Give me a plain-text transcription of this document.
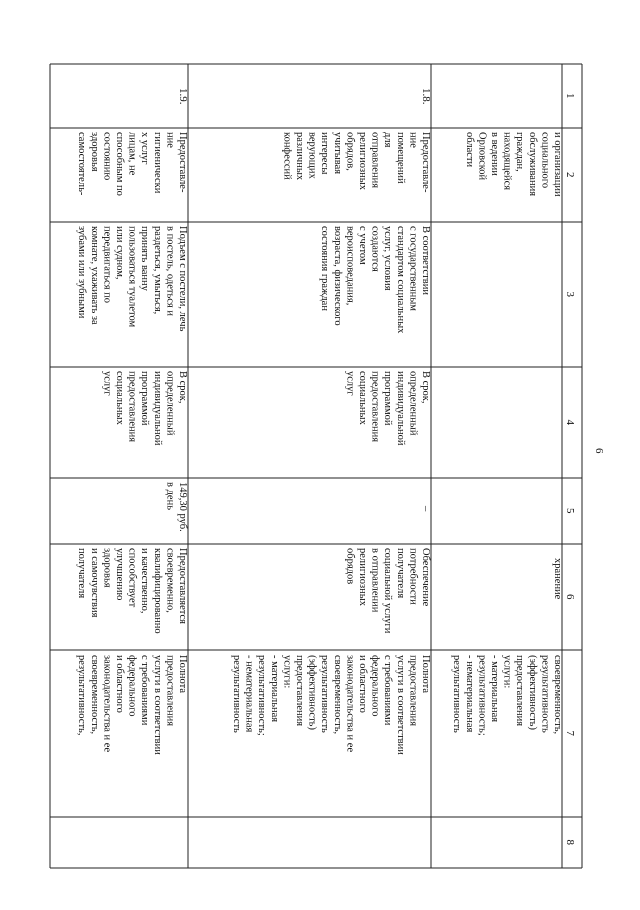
6
1
2
3
4
5
6
7
8
и организации
социального
обслуживания
граждан,
находящейся
в ведении
Орловской
области
хранение
своевременность,
результативность
(эффективность)
предоставления
услуги:
- материальная
результативность;
- нематериальная
результативность
1.8.
Предоставле-
ние
помещений
для
отправления
религиозных
обрядов,
учитывая
интересы
верующих
различных
конфессий
В соответствии
с государственным
стандартом социальных
услуг, условия
создаются
с учетом
вероисповедания,
возраста, физического
состояния граждан
В срок,
определенный
индивидуальной
программой
предоставления
социальных
услуг
–
Обеспечение
потребности
получателя
социальной услуги
в отправлении
религиозных
обрядов
Полнота
предоставления
услуги в соответствии
с требованиями
федерального
и областного
законодательства и ее
своевременность,
результативность
(эффективность)
предоставления
услуги:
- материальная
результативность;
- нематериальная
результативность
1.9.
Предоставле-
ние
гигиенически
х услуг
лицам, не
способным по
состоянию
здоровья
самостоятель-
Подъем с постели, лечь
в постель, одеться и
раздеться, умыться,
принять ванну
пользоваться туалетом
или судном,
передвигаться по
комнате, ухаживать за
зубами или зубными
В срок,
определенный
индивидуальной
программой
предоставления
социальных
услуг
149,30 руб.
в день
Предоставляется
своевременно,
квалифицированно
и качественно,
способствует
улучшению
здоровья
и самочувствия
получателя
Полнота
предоставления
услуги в соответствии
с требованиями
федерального
и областного
законодательства и ее
своевременность,
результативность,
